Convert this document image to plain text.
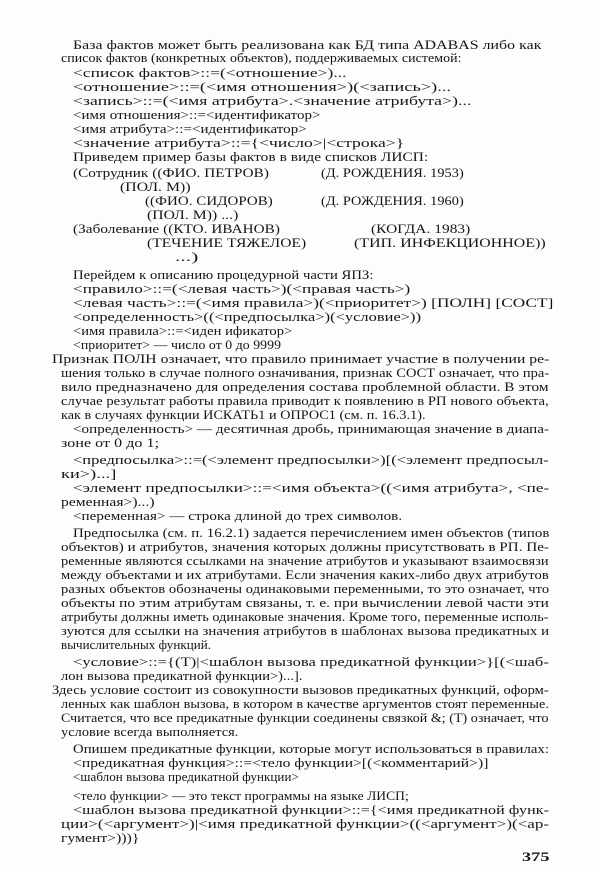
База фактов может быть реализована как БД типа ADABAS либо как
список фактов (конкретных объектов), поддерживаемых системой:
<список фактов>::=(<отношение>)...
<отношение>::=(<имя отношения>)(<запись>)...
<запись>::=(<имя атрибута>.<значение атрибута>)...
<имя отношения>::=<идентификатор>
<имя атрибута>::=<идентификатор>
<значение атрибута>::={<число>|<строка>}
Приведем пример базы фактов в виде списков ЛИСП:
(Сотрудник ((ФИО. ПЕТРОВ)	(Д. РОЖДЕНИЯ. 1953)
(ПОЛ. М))
((ФИО. СИДОРОВ)	(Д. РОЖДЕНИЯ. 1960)
(ПОЛ. М)) ...)
(Заболевание ((КТО. ИВАНОВ)	(КОГДА. 1983)
(ТЕЧЕНИЕ ТЯЖЕЛОЕ)	(ТИП. ИНФЕКЦИОННОЕ))
...)
Перейдем к описанию процедурной части ЯПЗ:
<правило>::=(<левая часть>)(<правая часть>)
<левая часть>::=(<имя правила>)(<приоритет>) [ПОЛН] [СОСТ]
<определенность>((<предпосылка>)(<условие>))
<имя правила>::=<иден ификатор>
<приоритет> — число от 0 до 9999
Признак ПОЛН означает, что правило принимает участие в получении ре-
шения только в случае полного означивания, признак СОСТ означает, что пра-
вило предназначено для определения состава проблемной области. В этом
случае результат работы правила приводит к появлению в РП нового объекта,
как в случаях функции ИСКАТЬ1 и ОПРОС1 (см. п. 16.3.1).
<определенность> — десятичная дробь, принимающая значение в диапа-
зоне от 0 до 1;
<предпосылка>::=(<элемент предпосылки>)[(<элемент предпосыл-
ки>)...]
<элемент предпосылки>::=<имя объекта>((<имя атрибута>, <пе-
ременная>)...)
<переменная> — строка длиной до трех символов.
Предпосылка (см. п. 16.2.1) задается перечислением имен объектов (типов
объектов) и атрибутов, значения которых должны присутствовать в РП. Пе-
ременные являются ссылками на значение атрибутов и указывают взаимосвязи
между объектами и их атрибутами. Если значения каких-либо двух атрибутов
разных объектов обозначены одинаковыми переменными, то это означает, что
объекты по этим атрибутам связаны, т. е. при вычислении левой части эти
атрибуты должны иметь одинаковые значения. Кроме того, переменные исполь-
зуются для ссылки на значения атрибутов в шаблонах вызова предикатных и
вычислительных функций.
<условие>::={(T)|<шаблон вызова предикатной функции>}[(<шаб-
лон вызова предикатной функции>)...].
Здесь условие состоит из совокупности вызовов предикатных функций, оформ-
ленных как шаблон вызова, в котором в качестве аргументов стоят переменные.
Считается, что все предикатные функции соединены связкой &; (T) означает, что
условие всегда выполняется.
Опишем предикатные функции, которые могут использоваться в правилах:
<предикатная функция>::=<тело функции>[(<комментарий>)]
<шаблон вызова предикатной функции>
<тело функции> — это текст программы на языке ЛИСП;
<шаблон вызова предикатной функции>::={<имя предикатной функ-
ции>(<аргумент>)|<имя предикатной функции>((<аргумент>)(<ар-
гумент>)))}
375
